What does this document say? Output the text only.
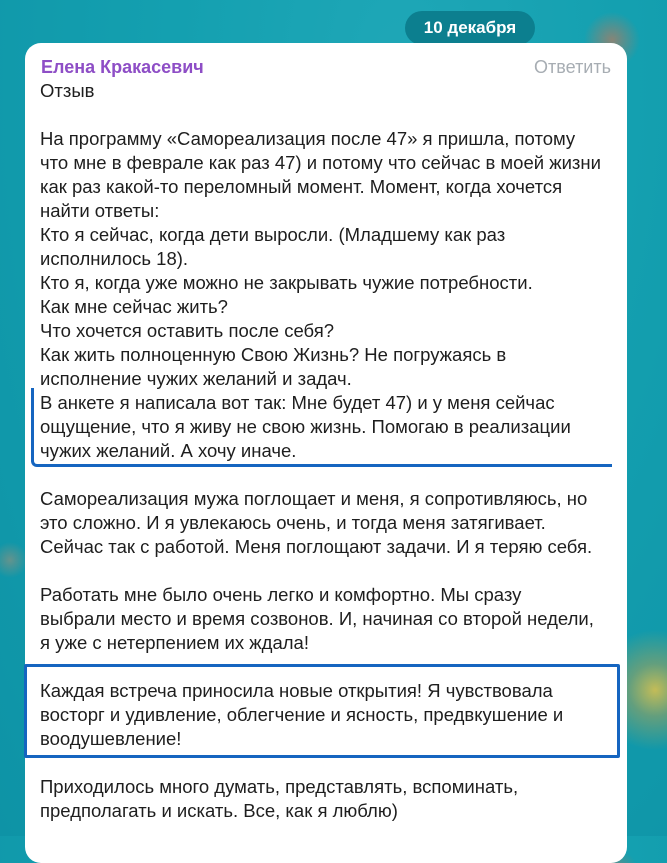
10 декабря
Елена Кракасевич	Ответить

Отзыв

На программу «Самореализация после 47» я пришла, потому
что мне в феврале как раз 47) и потому что сейчас в моей жизни
как раз какой-то переломный момент. Момент, когда хочется
найти ответы:
Кто я сейчас, когда дети выросли. (Младшему как раз
исполнилось 18).
Кто я, когда уже можно не закрывать чужие потребности.
Как мне сейчас жить?
Что хочется оставить после себя?
Как жить полноценную Свою Жизнь? Не погружаясь в
исполнение чужих желаний и задач.
В анкете я написала вот так: Мне будет 47) и у меня сейчас
ощущение, что я живу не свою жизнь. Помогаю в реализации
чужих желаний. А хочу иначе.

Самореализация мужа поглощает и меня, я сопротивляюсь, но
это сложно. И я увлекаюсь очень, и тогда меня затягивает.
Сейчас так с работой. Меня поглощают задачи. И я теряю себя.

Работать мне было очень легко и комфортно. Мы сразу
выбрали место и время созвонов. И, начиная со второй недели,
я уже с нетерпением их ждала!

Каждая встреча приносила новые открытия! Я чувствовала
восторг и удивление, облегчение и ясность, предвкушение и
воодушевление!

Приходилось много думать, представлять, вспоминать,
предполагать и искать. Все, как я люблю)
